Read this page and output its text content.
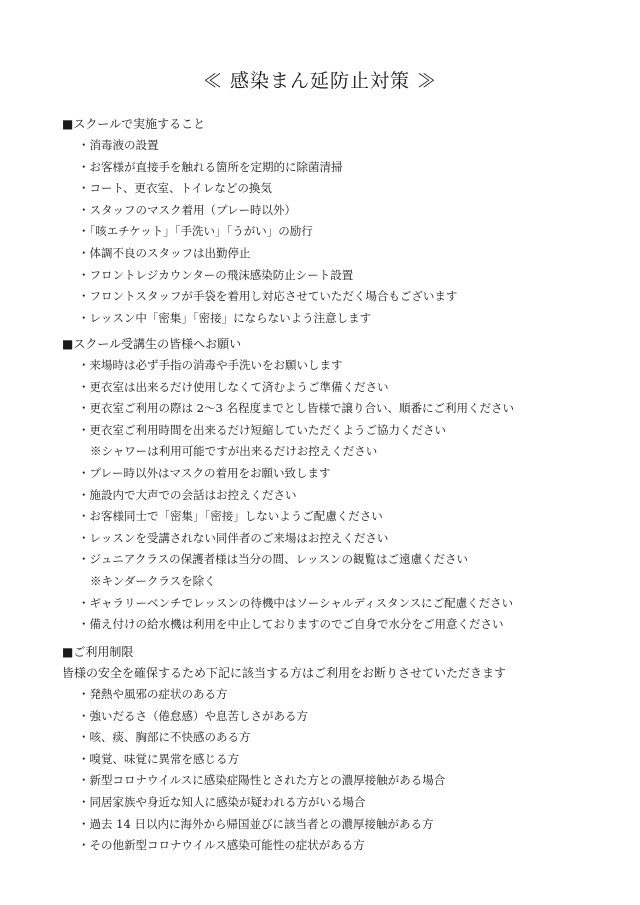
≪ 感染まん延防止対策 ≫
■スクールで実施すること
・消毒液の設置
・お客様が直接手を触れる箇所を定期的に除菌清掃
・コート、更衣室、トイレなどの換気
・スタッフのマスク着用（プレー時以外）
・「咳エチケット」「手洗い」「うがい」の励行
・体調不良のスタッフは出勤停止
・フロントレジカウンターの飛沫感染防止シート設置
・フロントスタッフが手袋を着用し対応させていただく場合もございます
・レッスン中「密集」「密接」にならないよう注意します
■スクール受講生の皆様へお願い
・来場時は必ず手指の消毒や手洗いをお願いします
・更衣室は出来るだけ使用しなくて済むようご準備ください
・更衣室ご利用の際は 2～3 名程度までとし皆様で譲り合い、順番にご利用ください
・更衣室ご利用時間を出来るだけ短縮していただくようご協力ください
※シャワーは利用可能ですが出来るだけお控えください
・プレー時以外はマスクの着用をお願い致します
・施設内で大声での会話はお控えください
・お客様同士で「密集」「密接」しないようご配慮ください
・レッスンを受講されない同伴者のご来場はお控えください
・ジュニアクラスの保護者様は当分の間、レッスンの観覧はご遠慮ください
※キンダークラスを除く
・ギャラリーベンチでレッスンの待機中はソーシャルディスタンスにご配慮ください
・備え付けの給水機は利用を中止しておりますのでご自身で水分をご用意ください
■ご利用制限
皆様の安全を確保するため下記に該当する方はご利用をお断りさせていただきます
・発熱や風邪の症状のある方
・強いだるさ（倦怠感）や息苦しさがある方
・咳、痰、胸部に不快感のある方
・嗅覚、味覚に異常を感じる方
・新型コロナウイルスに感染症陽性とされた方との濃厚接触がある場合
・同居家族や身近な知人に感染が疑われる方がいる場合
・過去 14 日以内に海外から帰国並びに該当者との濃厚接触がある方
・その他新型コロナウイルス感染可能性の症状がある方
